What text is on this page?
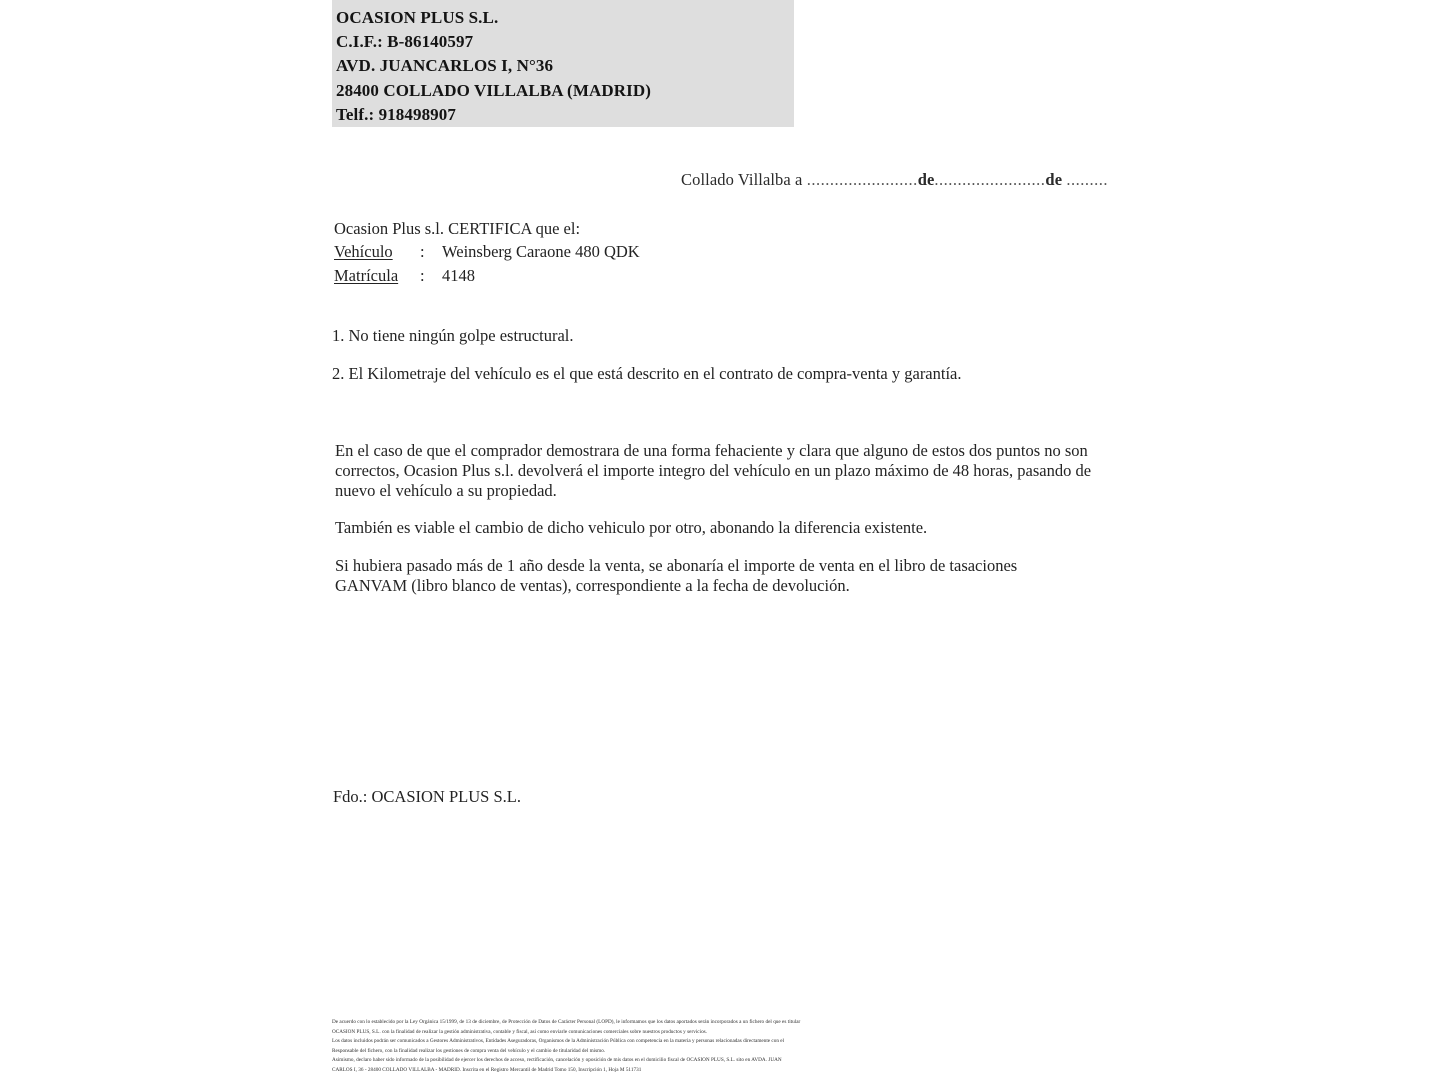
OCASION PLUS S.L.
C.I.F.: B-86140597
AVD. JUANCARLOS I, N°36
28400 COLLADO VILLALBA (MADRID)
Telf.: 918498907
Collado Villalba a ........................de........................de .........
Ocasion Plus s.l. CERTIFICA que el:
Vehículo : Weinsberg Caraone 480 QDK
Matrícula : 4148
1. No tiene ningún golpe estructural.
2. El Kilometraje del vehículo es el que está descrito en el contrato de compra-venta y garantía.
En el caso de que el comprador demostrara de una forma fehaciente y clara que alguno de estos dos puntos no son correctos, Ocasion Plus s.l. devolverá el importe integro del vehículo en un plazo máximo de 48 horas, pasando de nuevo el vehículo a su propiedad.
También es viable el cambio de dicho vehiculo por otro, abonando la diferencia existente.
Si hubiera pasado más de 1 año desde la venta, se abonaría el importe de venta en el libro de tasaciones GANVAM (libro blanco de ventas), correspondiente a la fecha de devolución.
Fdo.: OCASION PLUS S.L.

De acuerdo con lo establecido por la Ley Orgánica 15/1999, de 13 de diciembre, de Protección de Datos de Carácter Personal (LOPD), le informamos que los datos aportados serán incorporados a un fichero del que es titular

OCASION PLUS, S.L. con la finalidad de realizar la gestión administrativa, contable y fiscal, así como enviarle comunicaciones comerciales sobre nuestros productos y servicios.

Los datos incluidos podrán ser comunicados a Gestores Administrativos, Entidades Aseguradoras, Organismos de la Administración Pública con competencia en la materia y personas relacionadas directamente con el

Responsable del fichero, con la finalidad realizar los gestiones de compra venta del vehículo y el cambio de titularidad del mismo.

Asimismo, declaro haber sido informado de la posibilidad de ejercer los derechos de acceso, rectificación, cancelación y oposición de mis datos en el domicilio fiscal de OCASION PLUS, S.L. sito en AVDA. JUAN

CARLOS I, 36 - 28400 COLLADO VILLALBA - MADRID. Inscrita en el Registro Mercantil de Madrid Tomo 150, Inscripción 1, Hoja M 511731
